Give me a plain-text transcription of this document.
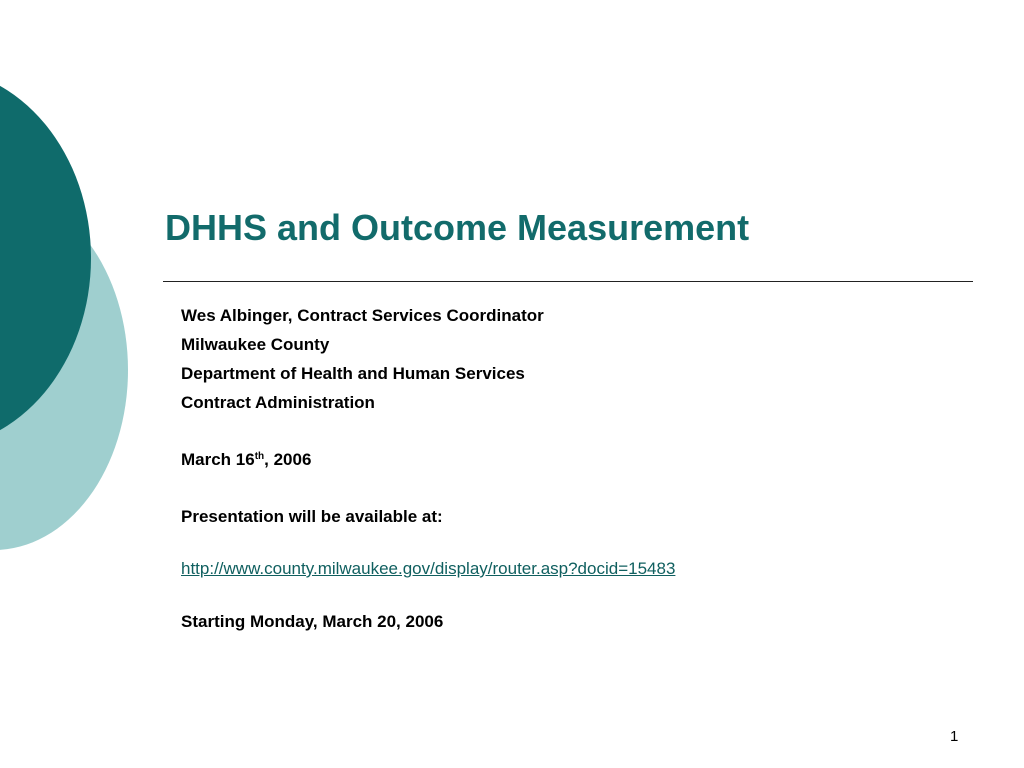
DHHS and Outcome Measurement
Wes Albinger, Contract Services Coordinator
Milwaukee County
Department of Health and Human Services
Contract Administration
March 16th, 2006
Presentation will be available at:
http://www.county.milwaukee.gov/display/router.asp?docid=15483
Starting Monday, March 20, 2006
1
